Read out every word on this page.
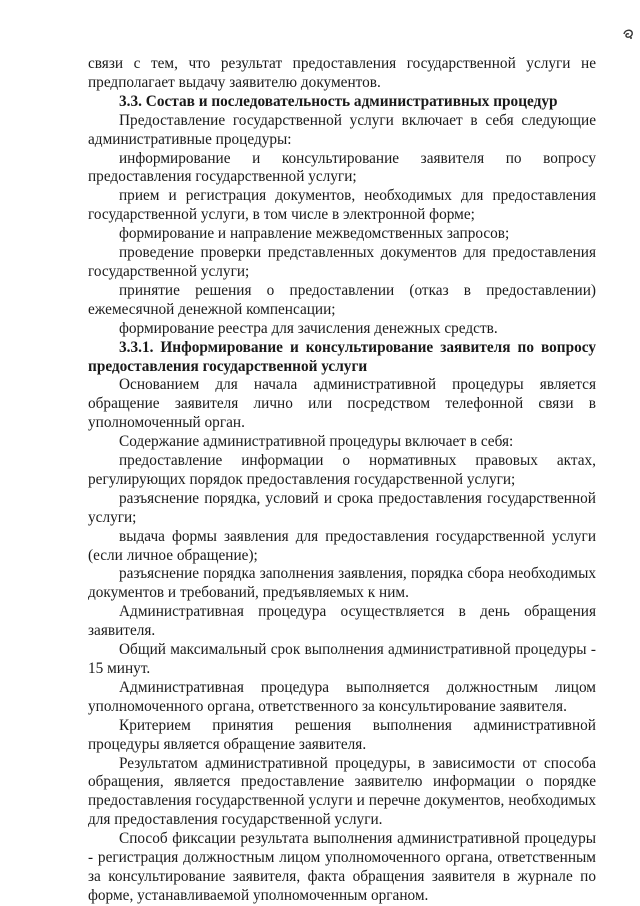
связи с тем, что результат предоставления государственной услуги не предполагает выдачу заявителю документов.

3.3. Состав и последовательность административных процедур

Предоставление государственной услуги включает в себя следующие административные процедуры:

информирование и консультирование заявителя по вопросу предоставления государственной услуги;

прием и регистрация документов, необходимых для предоставления государственной услуги, в том числе в электронной форме;

формирование и направление межведомственных запросов;

проведение проверки представленных документов для предоставления государственной услуги;

принятие решения о предоставлении (отказ в предоставлении) ежемесячной денежной компенсации;

формирование реестра для зачисления денежных средств.

3.3.1. Информирование и консультирование заявителя по вопросу предоставления государственной услуги

Основанием для начала административной процедуры является обращение заявителя лично или посредством телефонной связи в уполномоченный орган.

Содержание административной процедуры включает в себя:

предоставление информации о нормативных правовых актах, регулирующих порядок предоставления государственной услуги;

разъяснение порядка, условий и срока предоставления государственной услуги;

выдача формы заявления для предоставления государственной услуги (если личное обращение);

разъяснение порядка заполнения заявления, порядка сбора необходимых документов и требований, предъявляемых к ним.

Административная процедура осуществляется в день обращения заявителя.

Общий максимальный срок выполнения административной процедуры - 15 минут.

Административная процедура выполняется должностным лицом уполномоченного органа, ответственного за консультирование заявителя.

Критерием принятия решения выполнения административной процедуры является обращение заявителя.

Результатом административной процедуры, в зависимости от способа обращения, является предоставление заявителю информации о порядке предоставления государственной услуги и перечне документов, необходимых для предоставления государственной услуги.

Способ фиксации результата выполнения административной процедуры - регистрация должностным лицом уполномоченного органа, ответственным за консультирование заявителя, факта обращения заявителя в журнале по форме, устанавливаемой уполномоченным органом.
